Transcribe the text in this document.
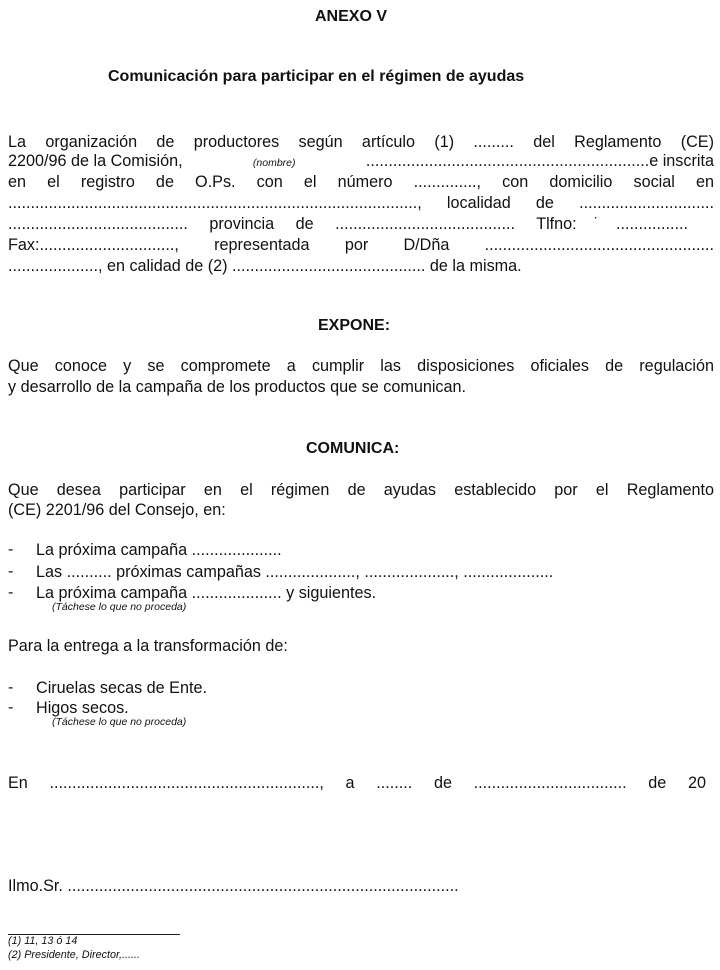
ANEXO V
Comunicación para participar en el régimen de ayudas
La organización de productores según artículo (1) ......... del Reglamento (CE)
2200/96 de la Comisión,	(nombre)	...............................................................e inscrita
en el registro de O.Ps. con el número .............., con domicilio social en
..........................................................................................., localidad de ..............................
........................................ provincia de ........................................ Tlfno:˙................
Fax:.............................., representada por D/Dña ...................................................
...................., en calidad de (2) ........................................... de la misma.
EXPONE:
Que conoce y se compromete a cumplir las disposiciones oficiales de regulación
y desarrollo de la campaña de los productos que se comunican.
COMUNICA:
Que desea participar en el régimen de ayudas establecido por el Reglamento
(CE) 2201/96 del Consejo, en:
- La próxima campaña ....................
- Las .......... próximas campañas ...................., ...................., ....................
- La próxima campaña .................... y siguientes.
(Táchese lo que no proceda)
Para la entrega a la transformación de:
- Ciruelas secas de Ente.
- Higos secos.
(Táchese lo que no proceda)
En ............................................................, a ........ de .................................. de 20
Ilmo.Sr. .......................................................................................
(1) 11, 13 ó 14
(2) Presidente, Director,......
